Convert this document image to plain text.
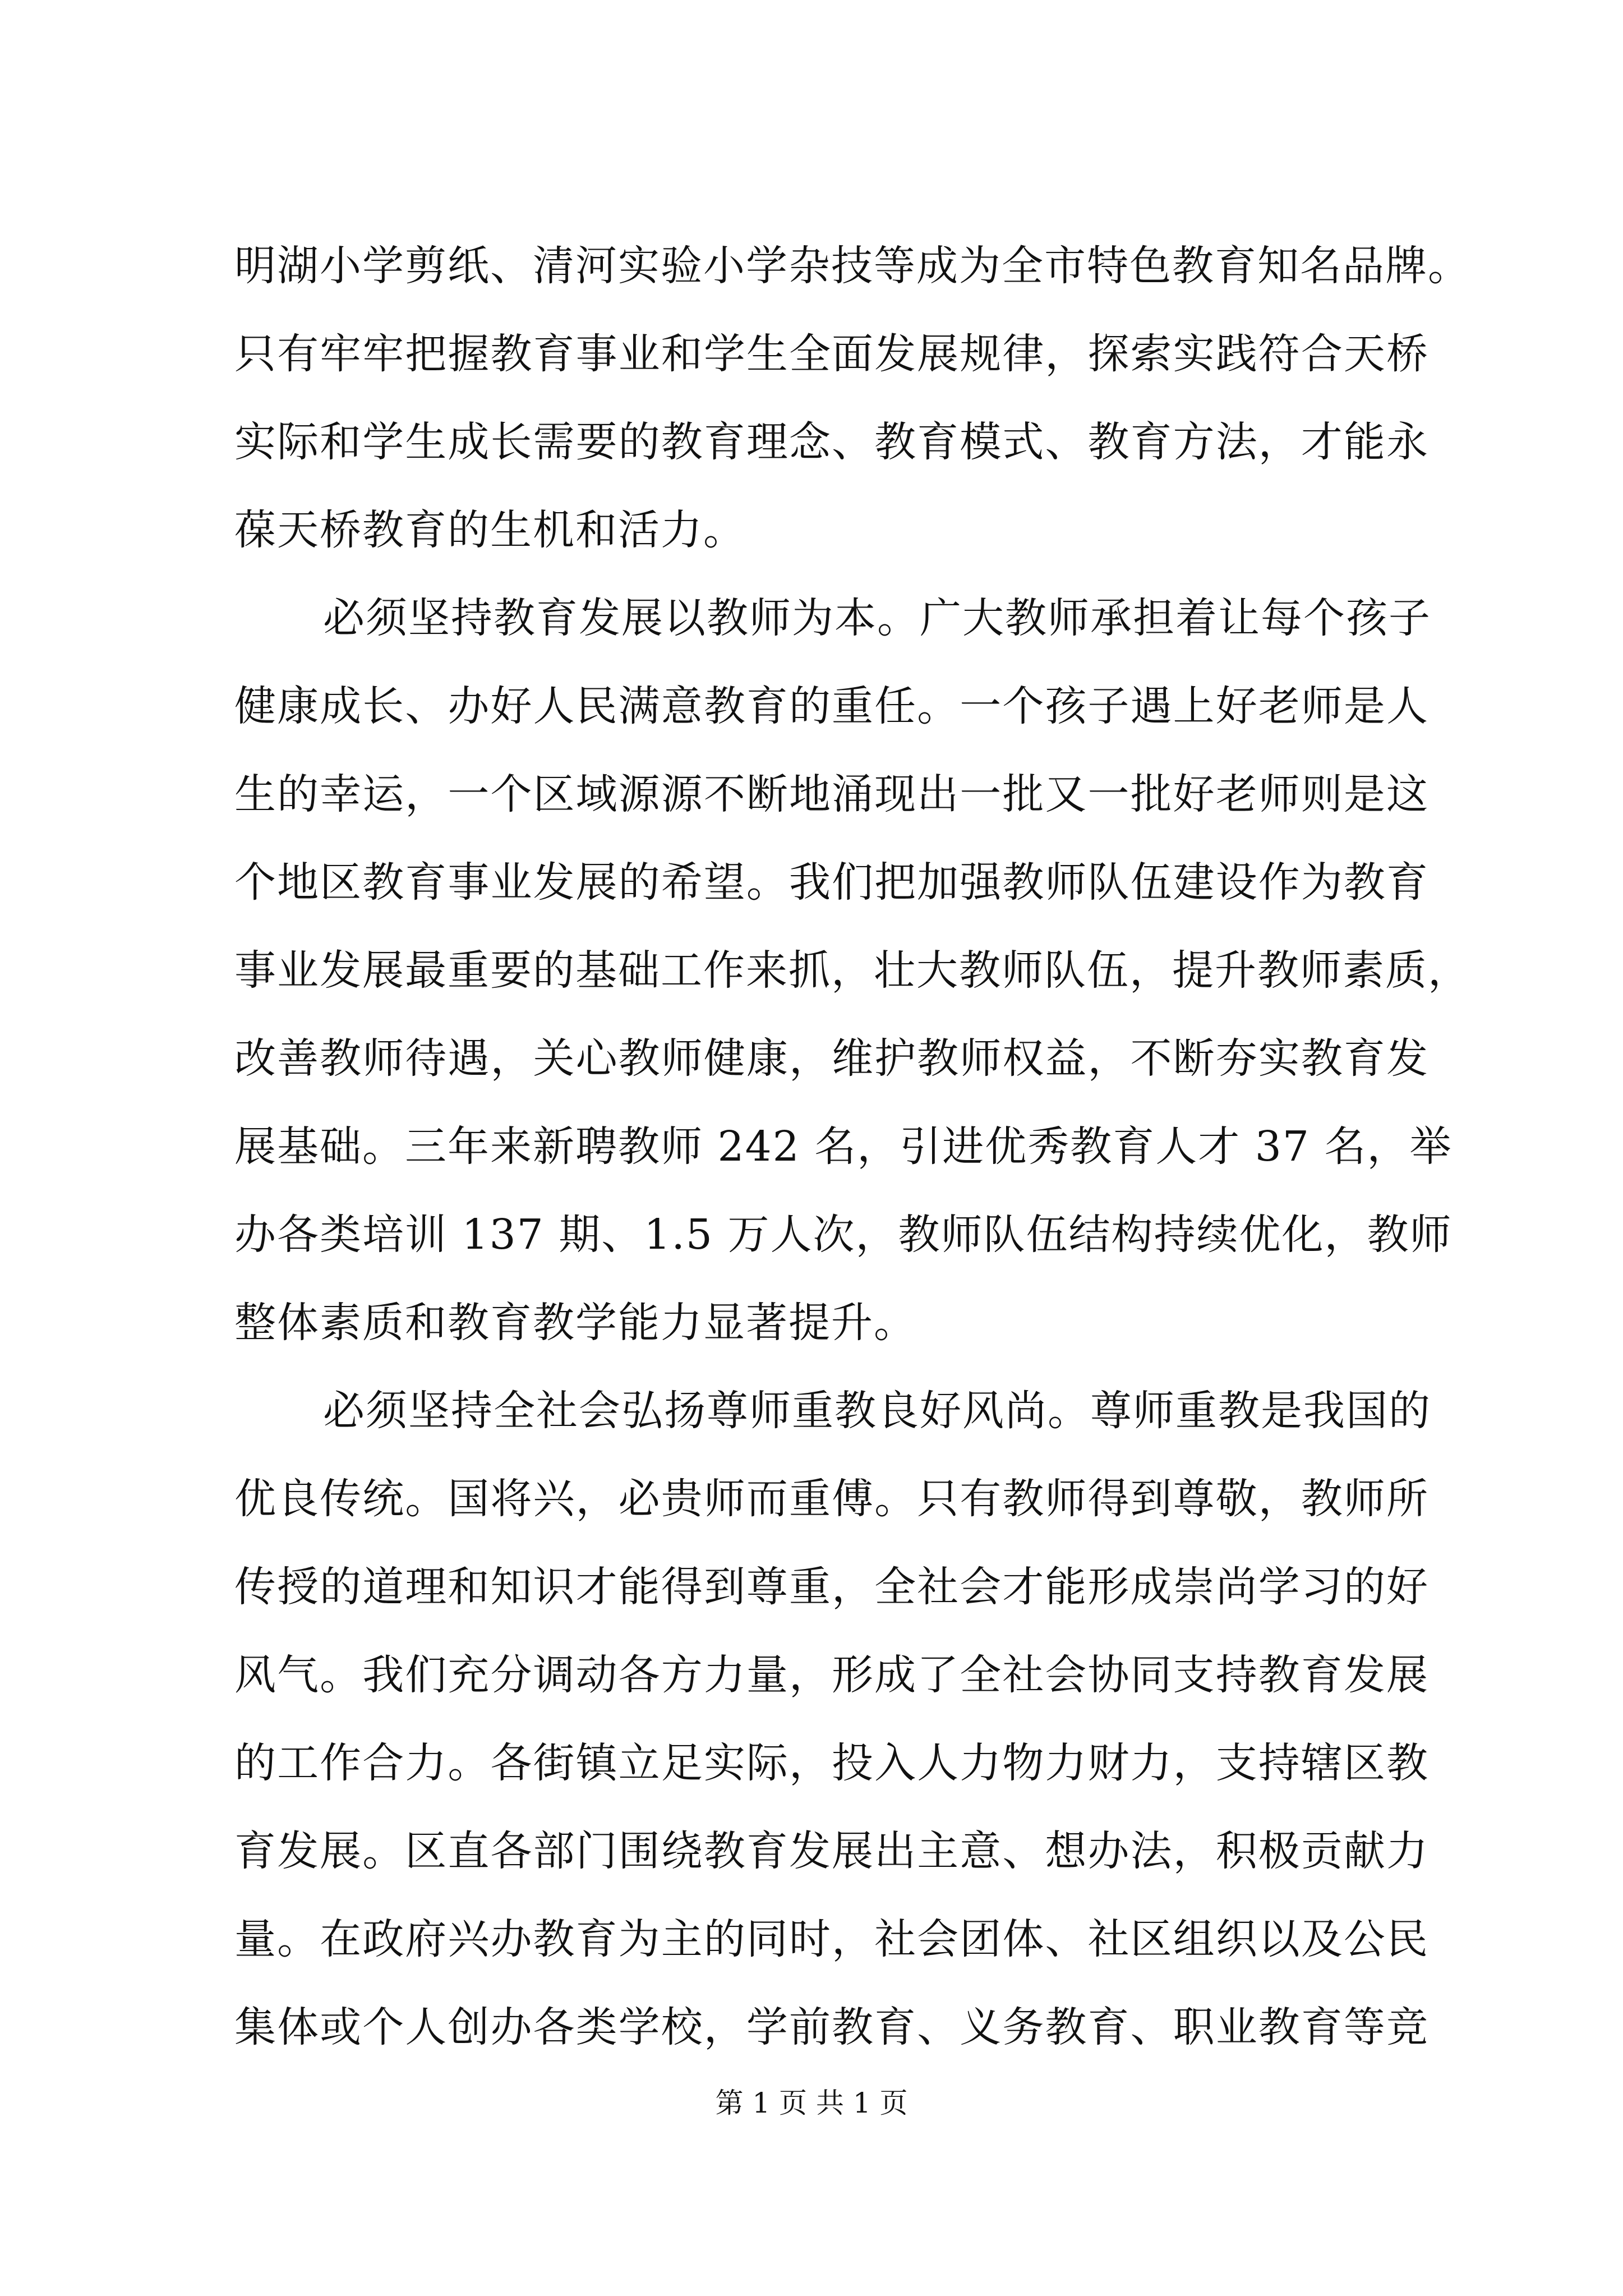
明湖小学剪纸、清河实验小学杂技等成为全市特色教育知名品牌。
只有牢牢把握教育事业和学生全面发展规律，探索实践符合天桥
实际和学生成长需要的教育理念、教育模式、教育方法，才能永
葆天桥教育的生机和活力。
必须坚持教育发展以教师为本。广大教师承担着让每个孩子
健康成长、办好人民满意教育的重任。一个孩子遇上好老师是人
生的幸运，一个区域源源不断地涌现出一批又一批好老师则是这
个地区教育事业发展的希望。我们把加强教师队伍建设作为教育
事业发展最重要的基础工作来抓，壮大教师队伍，提升教师素质，
改善教师待遇，关心教师健康，维护教师权益，不断夯实教育发
展基础。三年来新聘教师 242 名，引进优秀教育人才 37 名，举
办各类培训 137 期、1.5 万人次，教师队伍结构持续优化，教师
整体素质和教育教学能力显著提升。
必须坚持全社会弘扬尊师重教良好风尚。尊师重教是我国的
优良传统。国将兴，必贵师而重傅。只有教师得到尊敬，教师所
传授的道理和知识才能得到尊重，全社会才能形成崇尚学习的好
风气。我们充分调动各方力量，形成了全社会协同支持教育发展
的工作合力。各街镇立足实际，投入人力物力财力，支持辖区教
育发展。区直各部门围绕教育发展出主意、想办法，积极贡献力
量。在政府兴办教育为主的同时，社会团体、社区组织以及公民
集体或个人创办各类学校，学前教育、义务教育、职业教育等竞
第 1 页 共 1 页
